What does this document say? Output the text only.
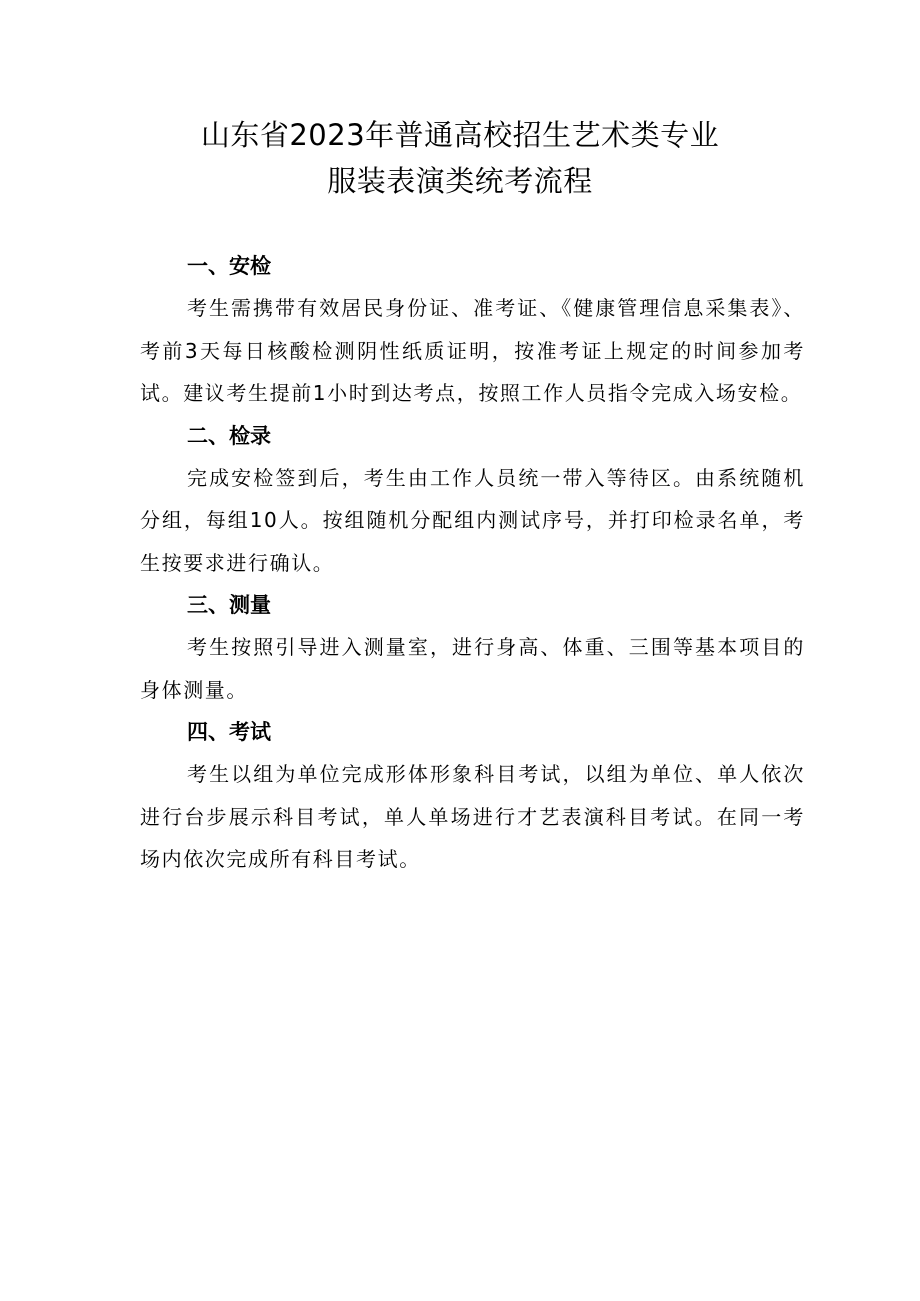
山东省2023年普通高校招生艺术类专业
服装表演类统考流程
一、安检

考生需携带有效居民身份证、准考证、《健康管理信息采集表》、考前3天每日核酸检测阴性纸质证明，按准考证上规定的时间参加考试。建议考生提前1小时到达考点，按照工作人员指令完成入场安检。

二、检录

完成安检签到后，考生由工作人员统一带入等待区。由系统随机分组，每组10人。按组随机分配组内测试序号，并打印检录名单，考生按要求进行确认。

三、测量

考生按照引导进入测量室，进行身高、体重、三围等基本项目的身体测量。

四、考试

考生以组为单位完成形体形象科目考试，以组为单位、单人依次进行台步展示科目考试，单人单场进行才艺表演科目考试。在同一考场内依次完成所有科目考试。
